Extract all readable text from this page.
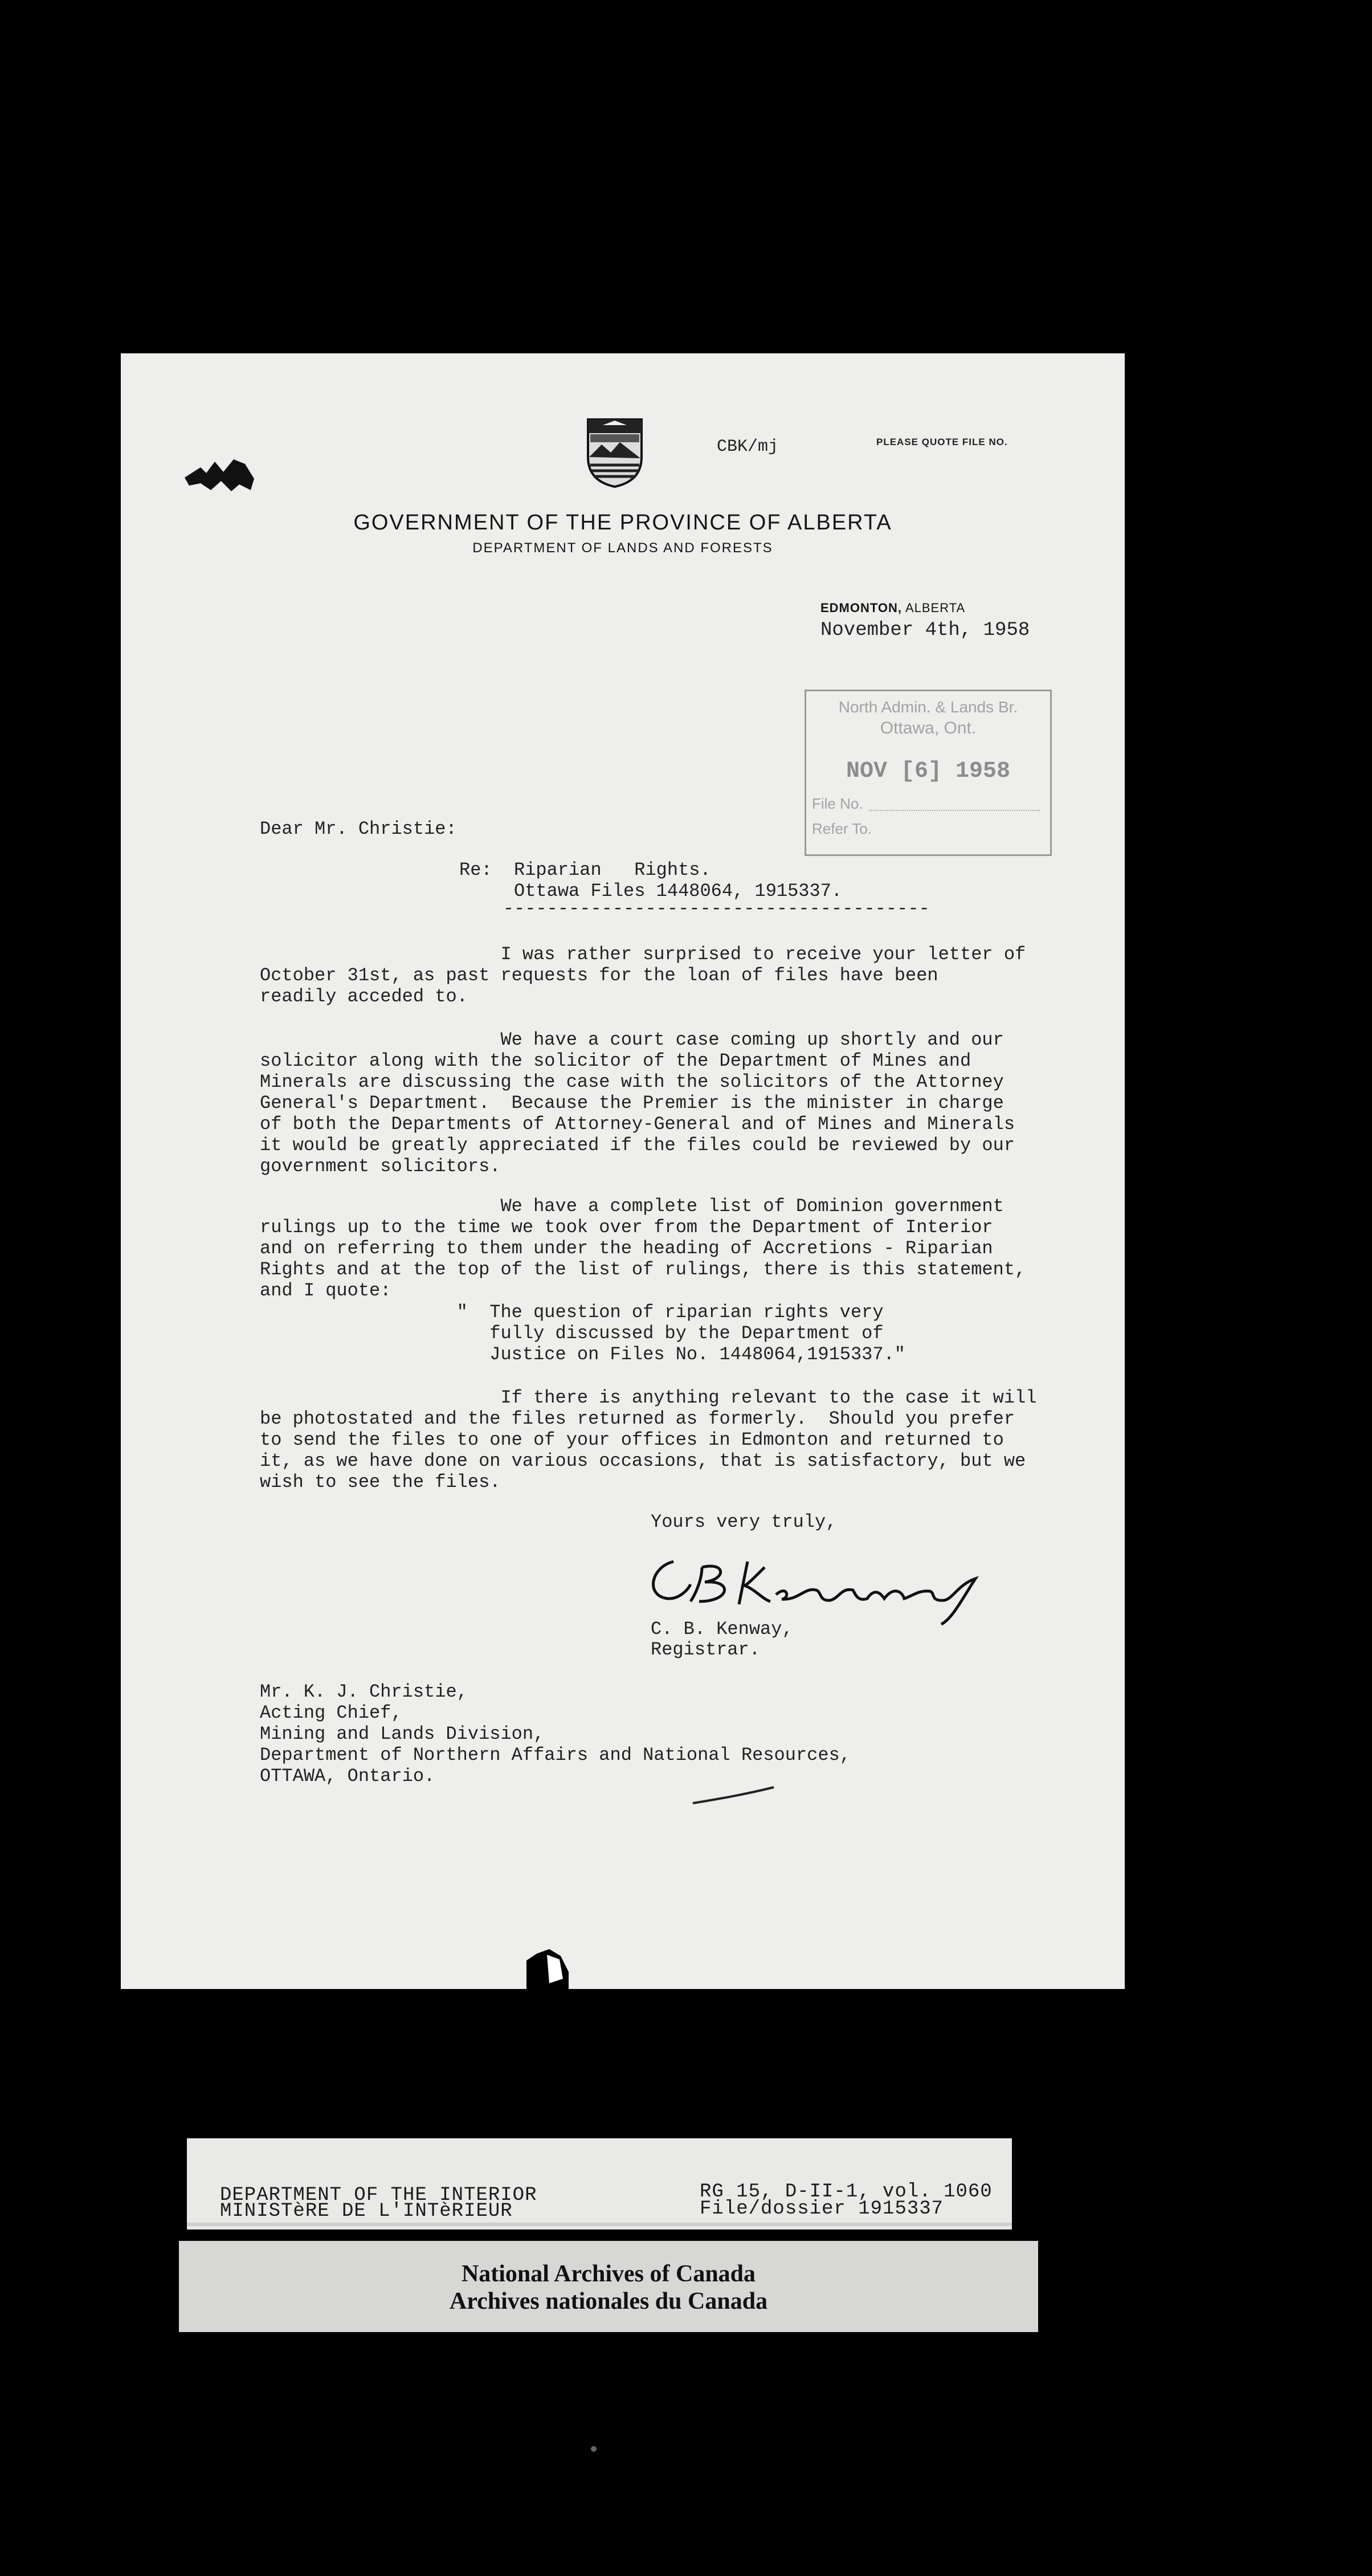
CBK/mj	PLEASE QUOTE FILE NO.
GOVERNMENT OF THE PROVINCE OF ALBERTA
DEPARTMENT OF LANDS AND FORESTS
EDMONTON, ALBERTA
November 4th, 1958
North Admin. & Lands Br.
Ottawa, Ont.
NOV [6] 1958
File No.
Refer To.
Dear Mr. Christie:
Re:  Riparian   Rights.
Ottawa Files 1448064, 1915337.
---------------------------------------
I was rather surprised to receive your letter of
October 31st, as past requests for the loan of files have been
readily acceded to.
We have a court case coming up shortly and our
solicitor along with the solicitor of the Department of Mines and
Minerals are discussing the case with the solicitors of the Attorney
General's Department.  Because the Premier is the minister in charge
of both the Departments of Attorney-General and of Mines and Minerals
it would be greatly appreciated if the files could be reviewed by our
government solicitors.
We have a complete list of Dominion government
rulings up to the time we took over from the Department of Interior
and on referring to them under the heading of Accretions - Riparian
Rights and at the top of the list of rulings, there is this statement,
and I quote:
"  The question of riparian rights very
fully discussed by the Department of
Justice on Files No. 1448064,1915337."
If there is anything relevant to the case it will
be photostated and the files returned as formerly.  Should you prefer
to send the files to one of your offices in Edmonton and returned to
it, as we have done on various occasions, that is satisfactory, but we
wish to see the files.
Yours very truly,
C. B. Kenway,
Registrar.
Mr. K. J. Christie,
Acting Chief,
Mining and Lands Division,
Department of Northern Affairs and National Resources,
OTTAWA, Ontario.
DEPARTMENT OF THE INTERIOR
MINISTèRE DE L'INTèRIEUR
RG 15, D-II-1, vol. 1060
File/dossier 1915337
National Archives of Canada
Archives nationales du Canada
